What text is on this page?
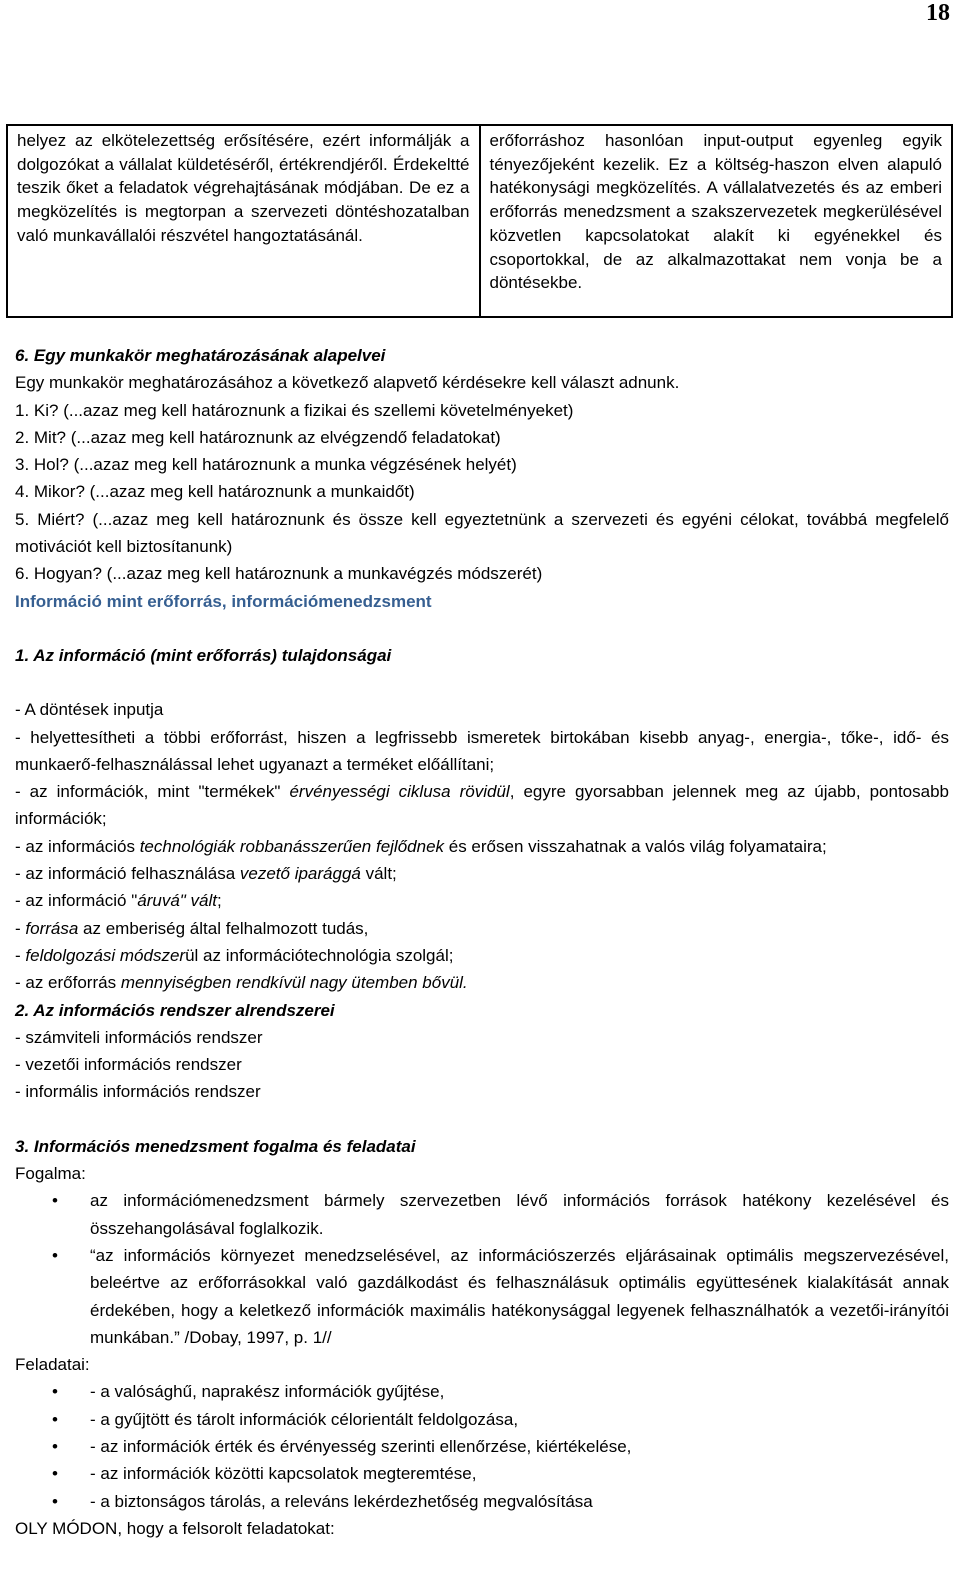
18
helyez az elkötelezettség erősítésére, ezért informálják a dolgozókat a vállalat küldetéséről, értékrendjéről. Érdekeltté teszik őket a feladatok végrehajtásának módjában. De ez a megközelítés is megtorpan a szervezeti döntéshozatalban való munkavállalói részvétel hangoztatásánál.
erőforráshoz hasonlóan input-output egyenleg egyik tényezőjeként kezelik. Ez a költség-haszon elven alapuló hatékonysági megközelítés. A vállalatvezetés és az emberi erőforrás menedzsment a szakszervezetek megkerülésével közvetlen kapcsolatokat alakít ki egyénekkel és csoportokkal, de az alkalmazottakat nem vonja be a döntésekbe.

6. Egy munkakör meghatározásának alapelvei

Egy munkakör meghatározásához a következő alapvető kérdésekre kell választ adnunk.

1. Ki? (...azaz meg kell határoznunk a fizikai és szellemi követelményeket)

2. Mit? (...azaz meg kell határoznunk az elvégzendő feladatokat)

3. Hol? (...azaz meg kell határoznunk a munka végzésének helyét)

4. Mikor? (...azaz meg kell határoznunk a munkaidőt)

5. Miért? (...azaz meg kell határoznunk és össze kell egyeztetnünk a szervezeti és egyéni célokat, továbbá megfelelő motivációt kell biztosítanunk)

6. Hogyan? (...azaz meg kell határoznunk a munkavégzés módszerét)

Információ mint erőforrás, információmenedzsment

1. Az információ (mint erőforrás) tulajdonságai

- A döntések inputja

- helyettesítheti a többi erőforrást, hiszen a legfrissebb ismeretek birtokában kisebb anyag-, energia-, tőke-, idő- és munkaerő-felhasználással lehet ugyanazt a terméket előállítani;

- az információk, mint "termékek" érvényességi ciklusa rövidül, egyre gyorsabban jelennek meg az újabb, pontosabb információk;

- az információs technológiák robbanásszerűen fejlődnek és erősen visszahatnak a valós világ folyamataira;

- az információ felhasználása vezető iparággá vált;

- az információ "áruvá" vált;

- forrása az emberiség által felhalmozott tudás,

- feldolgozási módszerül az információtechnológia szolgál;

- az erőforrás mennyiségben rendkívül nagy ütemben bővül.

2. Az információs rendszer alrendszerei

- számviteli információs rendszer

- vezetői információs rendszer

- informális információs rendszer

3. Információs menedzsment fogalma és feladatai

Fogalma:

• az információmenedzsment bármely szervezetben lévő információs források hatékony kezelésével és összehangolásával foglalkozik.
• “az információs környezet menedzselésével, az információszerzés eljárásainak optimális megszervezésével, beleértve az erőforrásokkal való gazdálkodást és felhasználásuk optimális együttesének kialakítását annak érdekében, hogy a keletkező információk maximális hatékonysággal legyenek felhasználhatók a vezetői-irányítói munkában.” /Dobay, 1997, p. 1//

Feladatai:

• - a valósághű, naprakész információk gyűjtése,
• - a gyűjtött és tárolt információk célorientált feldolgozása,
• - az információk érték és érvényesség szerinti ellenőrzése, kiértékelése,
• - az információk közötti kapcsolatok megteremtése,
• - a biztonságos tárolás, a releváns lekérdezhetőség megvalósítása

OLY MÓDON, hogy a felsorolt feladatokat:
